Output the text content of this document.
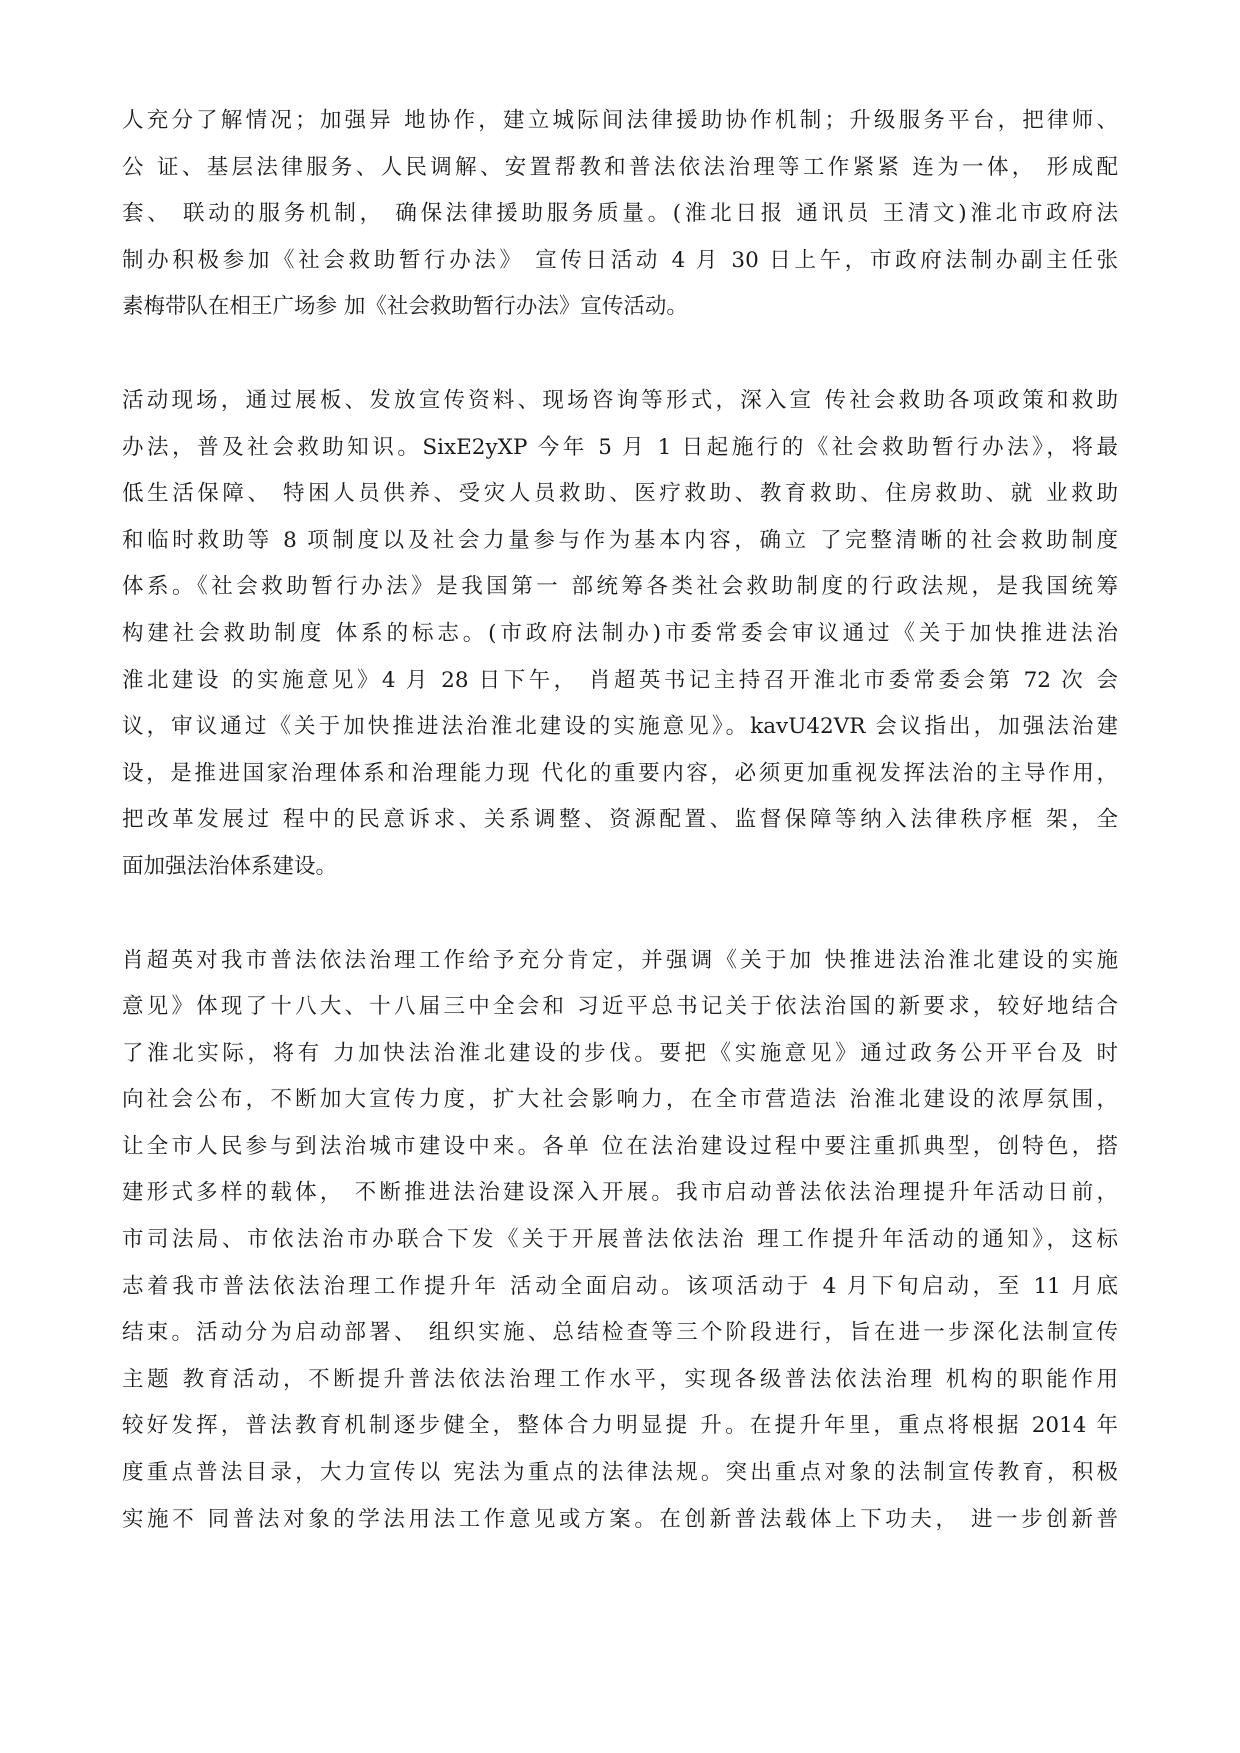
人充分了解情况；加强异 地协作，建立城际间法律援助协作机制；升级服务平台，把律师、
公 证、基层法律服务、人民调解、安置帮教和普法依法治理等工作紧紧 连为一体， 形成配
套、 联动的服务机制， 确保法律援助服务质量。(淮北日报 通讯员 王清文)淮北市政府法
制办积极参加《社会救助暂行办法》 宣传日活动 4 月 30 日上午，市政府法制办副主任张
素梅带队在相王广场参 加《社会救助暂行办法》宣传活动。
活动现场，通过展板、发放宣传资料、现场咨询等形式，深入宣 传社会救助各项政策和救助
办法，普及社会救助知识。SixE2yXP 今年 5 月 1 日起施行的《社会救助暂行办法》，将最
低生活保障、 特困人员供养、受灾人员救助、医疗救助、教育救助、住房救助、就 业救助
和临时救助等 8 项制度以及社会力量参与作为基本内容，确立 了完整清晰的社会救助制度
体系。《社会救助暂行办法》是我国第一 部统筹各类社会救助制度的行政法规，是我国统筹
构建社会救助制度 体系的标志。(市政府法制办)市委常委会审议通过《关于加快推进法治
淮北建设 的实施意见》4 月 28 日下午， 肖超英书记主持召开淮北市委常委会第 72 次 会
议，审议通过《关于加快推进法治淮北建设的实施意见》。kavU42VR 会议指出，加强法治建
设，是推进国家治理体系和治理能力现 代化的重要内容，必须更加重视发挥法治的主导作用，
把改革发展过 程中的民意诉求、关系调整、资源配置、监督保障等纳入法律秩序框 架，全
面加强法治体系建设。
肖超英对我市普法依法治理工作给予充分肯定，并强调《关于加 快推进法治淮北建设的实施
意见》体现了十八大、十八届三中全会和 习近平总书记关于依法治国的新要求，较好地结合
了淮北实际，将有 力加快法治淮北建设的步伐。要把《实施意见》通过政务公开平台及 时
向社会公布，不断加大宣传力度，扩大社会影响力，在全市营造法 治淮北建设的浓厚氛围，
让全市人民参与到法治城市建设中来。各单 位在法治建设过程中要注重抓典型，创特色，搭
建形式多样的载体， 不断推进法治建设深入开展。我市启动普法依法治理提升年活动日前，
市司法局、市依法治市办联合下发《关于开展普法依法治 理工作提升年活动的通知》，这标
志着我市普法依法治理工作提升年 活动全面启动。该项活动于 4 月下旬启动，至 11 月底
结束。活动分为启动部署、 组织实施、总结检查等三个阶段进行，旨在进一步深化法制宣传
主题 教育活动，不断提升普法依法治理工作水平，实现各级普法依法治理 机构的职能作用
较好发挥，普法教育机制逐步健全，整体合力明显提 升。在提升年里，重点将根据 2014 年
度重点普法目录，大力宣传以 宪法为重点的法律法规。突出重点对象的法制宣传教育，积极
实施不 同普法对象的学法用法工作意见或方案。在创新普法载体上下功夫， 进一步创新普
